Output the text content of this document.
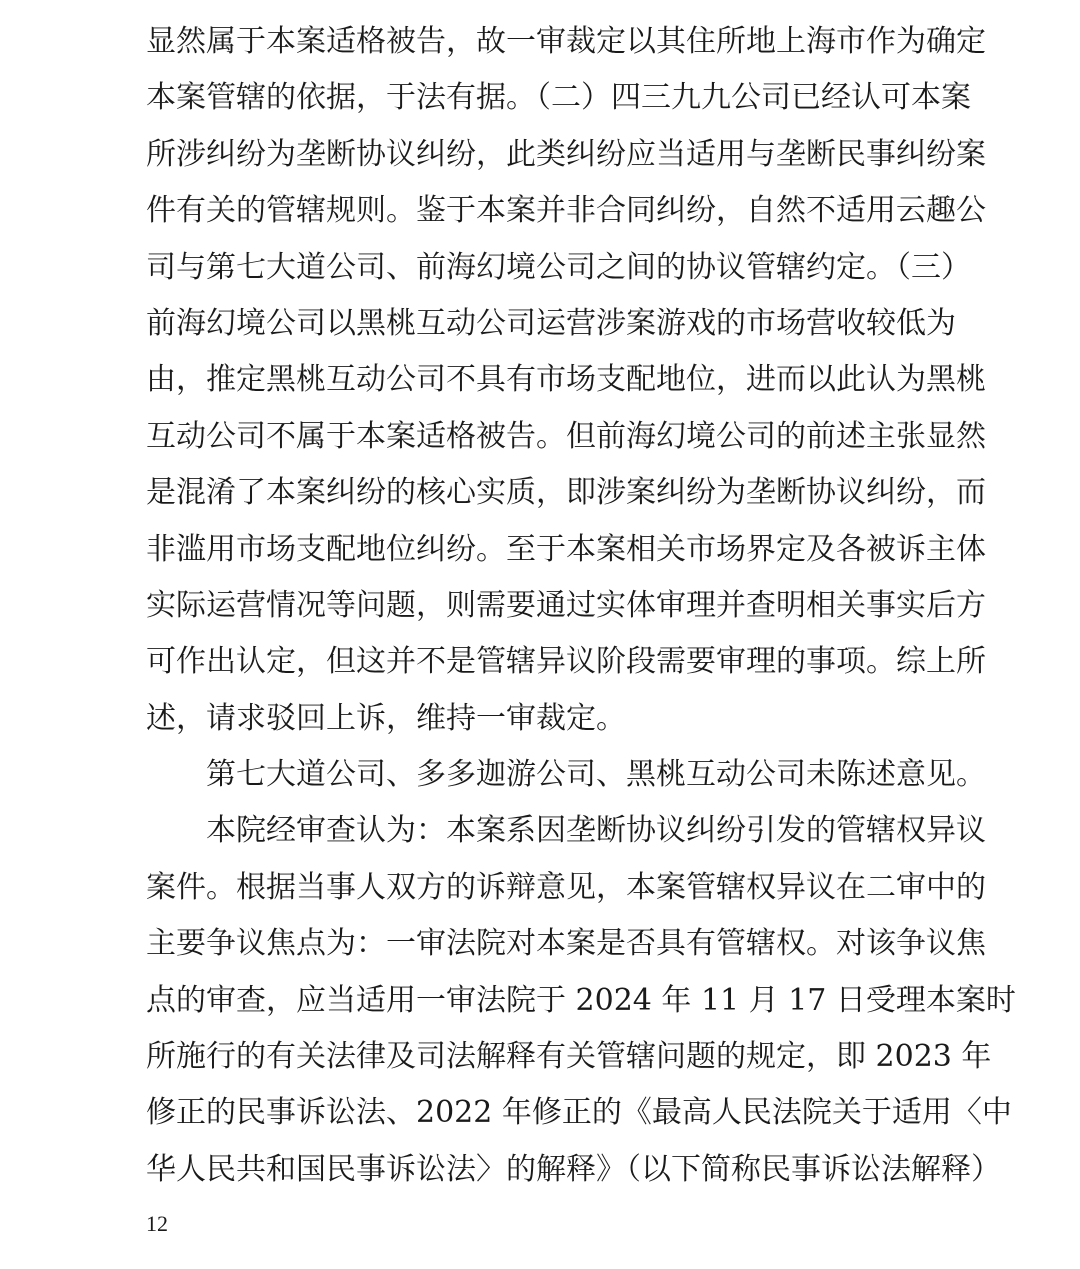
显然属于本案适格被告，故一审裁定以其住所地上海市作为确定
本案管辖的依据，于法有据。（二）四三九九公司已经认可本案
所涉纠纷为垄断协议纠纷，此类纠纷应当适用与垄断民事纠纷案
件有关的管辖规则。鉴于本案并非合同纠纷，自然不适用云趣公
司与第七大道公司、前海幻境公司之间的协议管辖约定。（三）
前海幻境公司以黑桃互动公司运营涉案游戏的市场营收较低为
由，推定黑桃互动公司不具有市场支配地位，进而以此认为黑桃
互动公司不属于本案适格被告。但前海幻境公司的前述主张显然
是混淆了本案纠纷的核心实质，即涉案纠纷为垄断协议纠纷，而
非滥用市场支配地位纠纷。至于本案相关市场界定及各被诉主体
实际运营情况等问题，则需要通过实体审理并查明相关事实后方
可作出认定，但这并不是管辖异议阶段需要审理的事项。综上所
述，请求驳回上诉，维持一审裁定。
第七大道公司、多多迦游公司、黑桃互动公司未陈述意见。
本院经审查认为：本案系因垄断协议纠纷引发的管辖权异议
案件。根据当事人双方的诉辩意见，本案管辖权异议在二审中的
主要争议焦点为：一审法院对本案是否具有管辖权。对该争议焦
点的审查，应当适用一审法院于 2024 年 11 月 17 日受理本案时
所施行的有关法律及司法解释有关管辖问题的规定，即 2023 年
修正的民事诉讼法、2022 年修正的《最高人民法院关于适用〈中
华人民共和国民事诉讼法〉的解释》（以下简称民事诉讼法解释）
12
